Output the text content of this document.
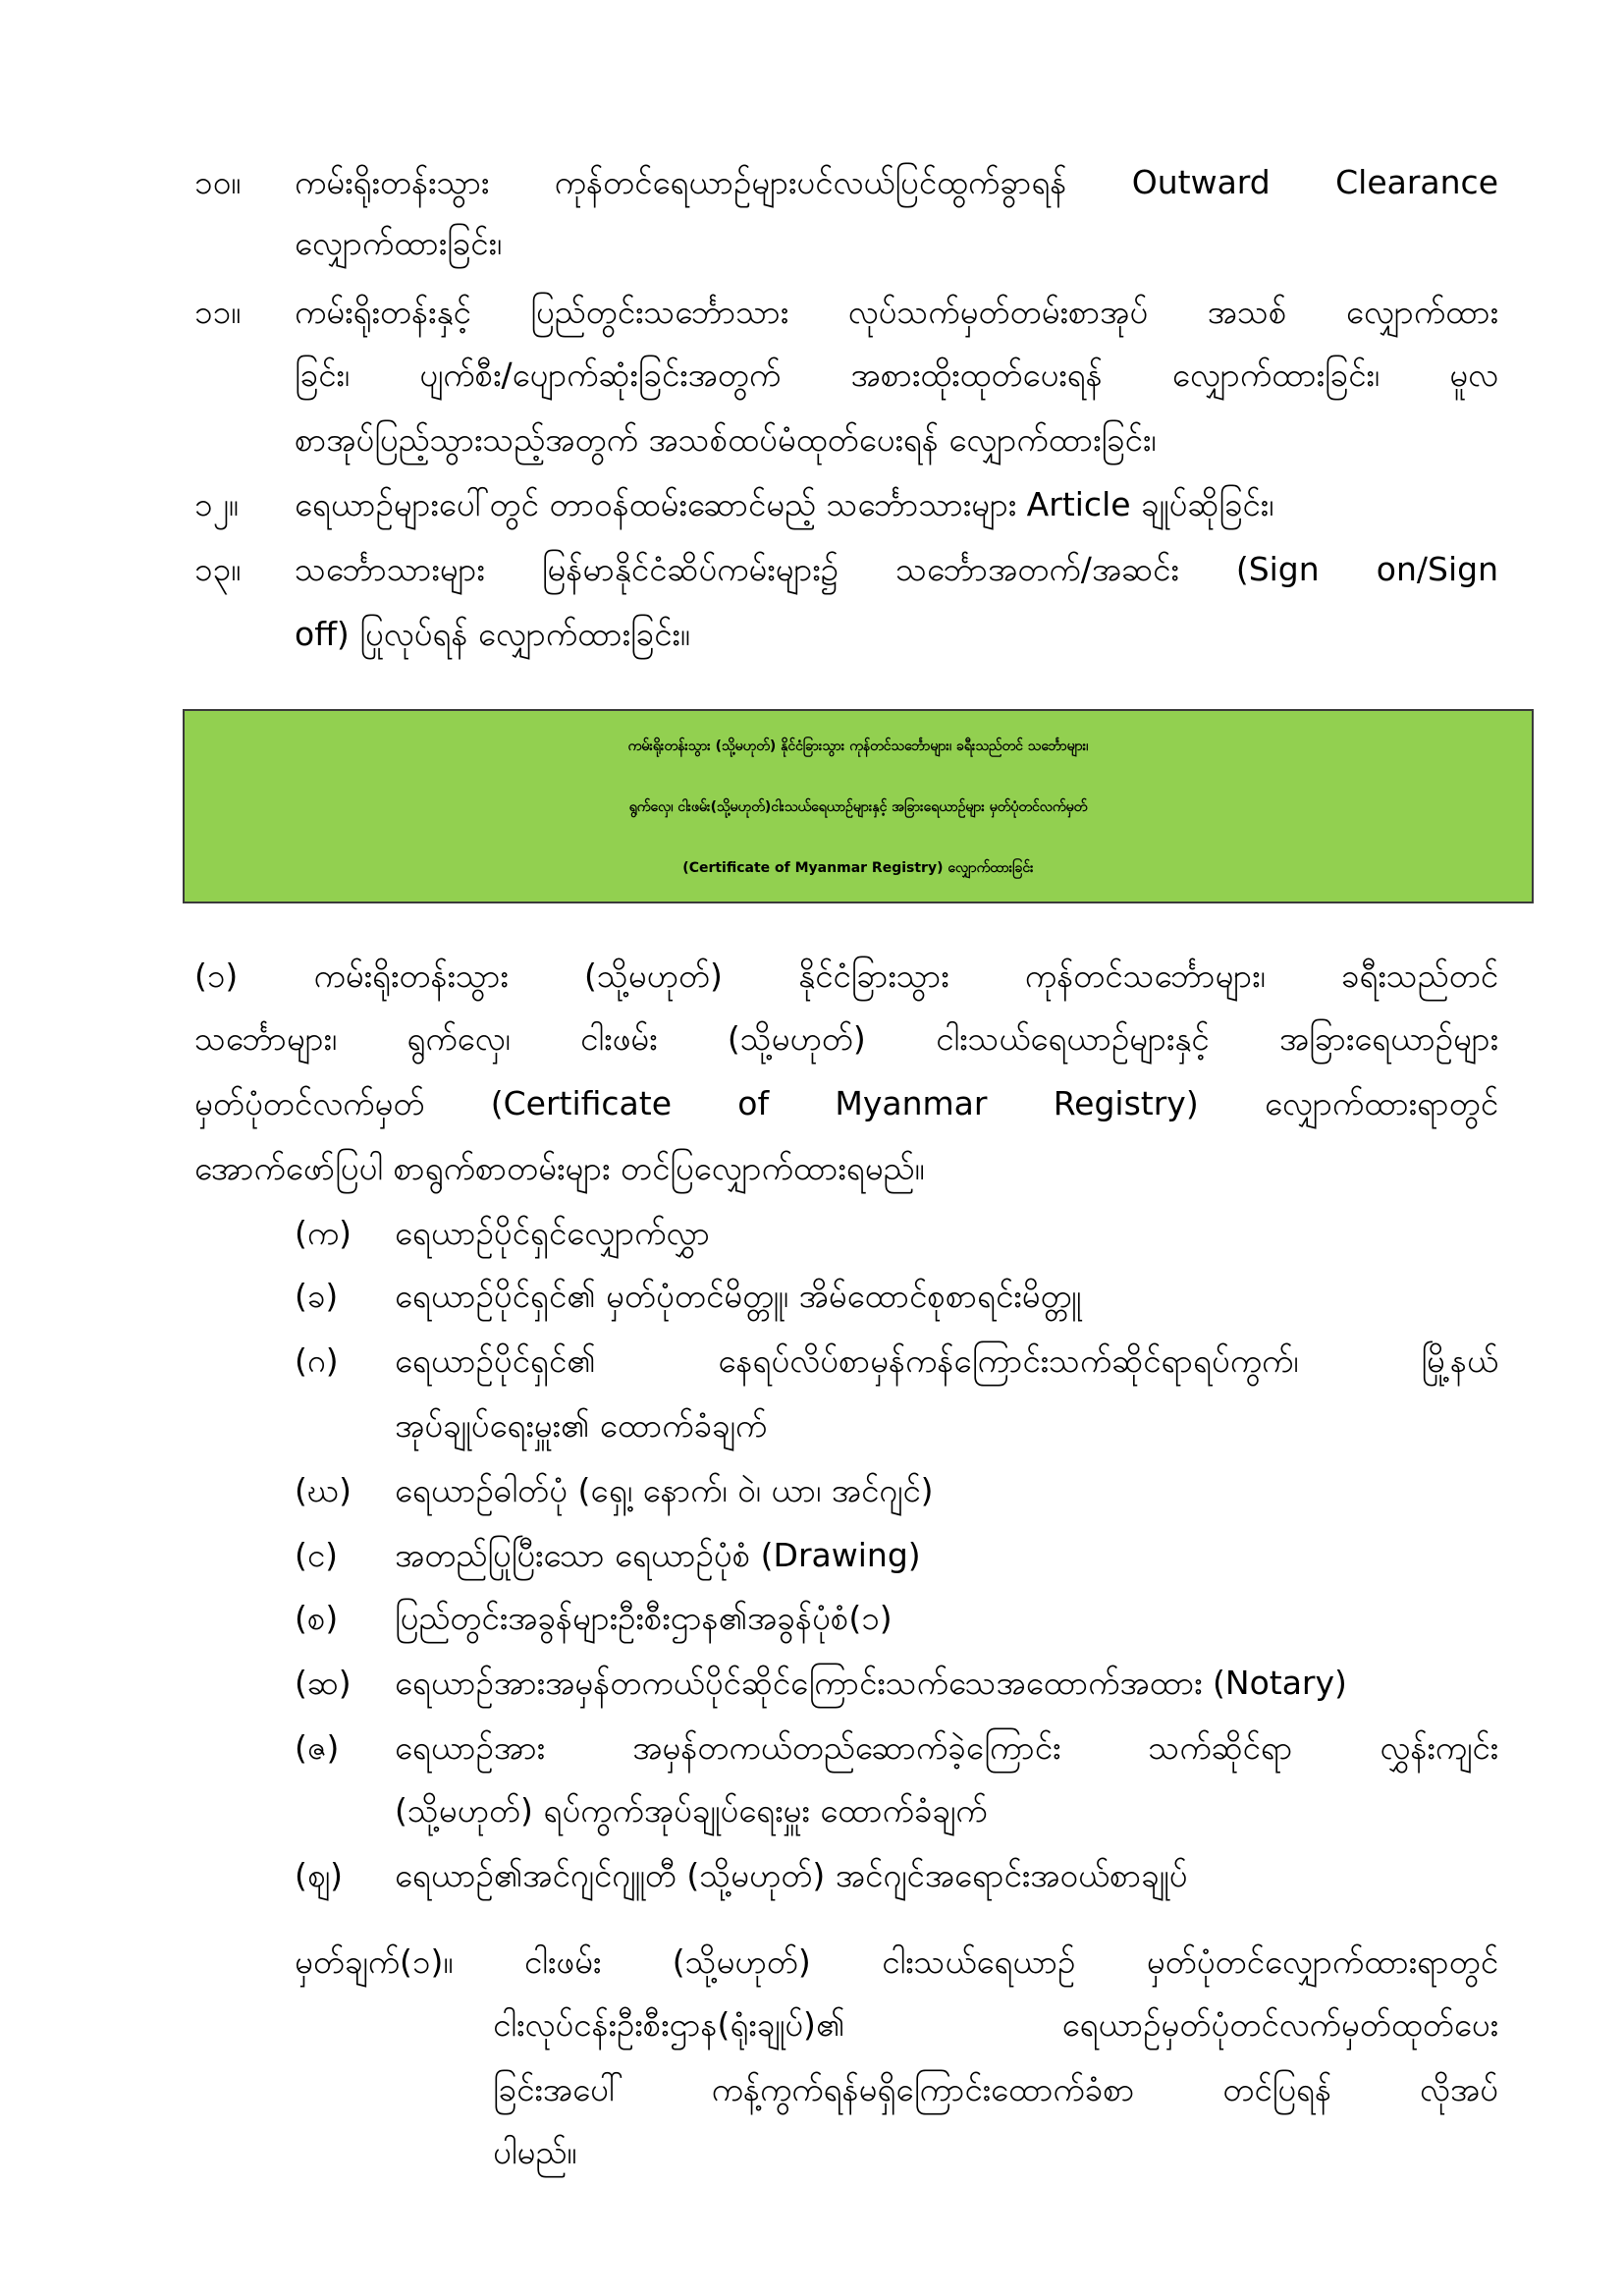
၁၀။ ကမ်းရိုးတန်းသွား ကုန်တင်ရေယာဉ်များပင်လယ်ပြင်ထွက်ခွာရန် Outward Clearance
လျှောက်ထားခြင်း၊
၁၁။ ကမ်းရိုးတန်းနှင့် ပြည်တွင်းသင်္ဘောသား လုပ်သက်မှတ်တမ်းစာအုပ် အသစ် လျှောက်ထား
ခြင်း၊ ပျက်စီး/ပျောက်ဆုံးခြင်းအတွက် အစားထိုးထုတ်ပေးရန် လျှောက်ထားခြင်း၊ မူလ
စာအုပ်ပြည့်သွားသည့်အတွက် အသစ်ထပ်မံထုတ်ပေးရန် လျှောက်ထားခြင်း၊
၁၂။ ရေယာဉ်များပေါ်တွင် တာဝန်ထမ်းဆောင်မည့် သင်္ဘောသားများ Article ချုပ်ဆိုခြင်း၊
၁၃။ သင်္ဘောသားများ မြန်မာနိုင်ငံဆိပ်ကမ်းများ၌ သင်္ဘောအတက်/အဆင်း (Sign on/Sign
off) ပြုလုပ်ရန် လျှောက်ထားခြင်း။
ကမ်းရိုးတန်းသွား (သို့မဟုတ်) နိုင်ငံခြားသွား ကုန်တင်သင်္ဘောများ၊ ခရီးသည်တင် သင်္ဘောများ၊
ရွက်လှေ၊ ငါးဖမ်း(သို့မဟုတ်)ငါးသယ်ရေယာဉ်များနှင့် အခြားရေယာဉ်များ မှတ်ပုံတင်လက်မှတ်
(Certificate of Myanmar Registry) လျှောက်ထားခြင်း
(၁) ကမ်းရိုးတန်းသွား (သို့မဟုတ်) နိုင်ငံခြားသွား ကုန်တင်သင်္ဘောများ၊ ခရီးသည်တင်
သင်္ဘောများ၊ ရွက်လှေ၊ ငါးဖမ်း (သို့မဟုတ်) ငါးသယ်ရေယာဉ်များနှင့် အခြားရေယာဉ်များ
မှတ်ပုံတင်လက်မှတ် (Certificate of Myanmar Registry) လျှောက်ထားရာတွင်
အောက်ဖော်ပြပါ စာရွက်စာတမ်းများ တင်ပြလျှောက်ထားရမည်။
(က) ရေယာဉ်ပိုင်ရှင်လျှောက်လွှာ
(ခ) ရေယာဉ်ပိုင်ရှင်၏ မှတ်ပုံတင်မိတ္တူ၊ အိမ်ထောင်စုစာရင်းမိတ္တူ
(ဂ) ရေယာဉ်ပိုင်ရှင်၏ နေရပ်လိပ်စာမှန်ကန်ကြောင်းသက်ဆိုင်ရာရပ်ကွက်၊ မြို့နယ်
အုပ်ချုပ်ရေးမှူး၏ ထောက်ခံချက်
(ဃ) ရေယာဉ်ဓါတ်ပုံ (ရှေ့၊ နောက်၊ ဝဲ၊ ယာ၊ အင်ဂျင်)
(င) အတည်ပြုပြီးသော ရေယာဉ်ပုံစံ (Drawing)
(စ) ပြည်တွင်းအခွန်များဦးစီးဌာန၏အခွန်ပုံစံ(၁)
(ဆ) ရေယာဉ်အားအမှန်တကယ်ပိုင်ဆိုင်ကြောင်းသက်သေအထောက်အထား (Notary)
(ဇ) ရေယာဉ်အား အမှန်တကယ်တည်ဆောက်ခဲ့ကြောင်း သက်ဆိုင်ရာ လွှန်းကျင်း
(သို့မဟုတ်) ရပ်ကွက်အုပ်ချုပ်ရေးမှူး ထောက်ခံချက်
(ဈ) ရေယာဉ်၏အင်ဂျင်ဂျူတီ (သို့မဟုတ်) အင်ဂျင်အရောင်းအဝယ်စာချုပ်
မှတ်ချက်(၁)။ ငါးဖမ်း (သို့မဟုတ်) ငါးသယ်ရေယာဉ် မှတ်ပုံတင်လျှောက်ထားရာတွင်
ငါးလုပ်ငန်းဦးစီးဌာန(ရုံးချုပ်)၏ ရေယာဉ်မှတ်ပုံတင်လက်မှတ်ထုတ်ပေး
ခြင်းအပေါ် ကန့်ကွက်ရန်မရှိကြောင်းထောက်ခံစာ တင်ပြရန် လိုအပ်
ပါမည်။
